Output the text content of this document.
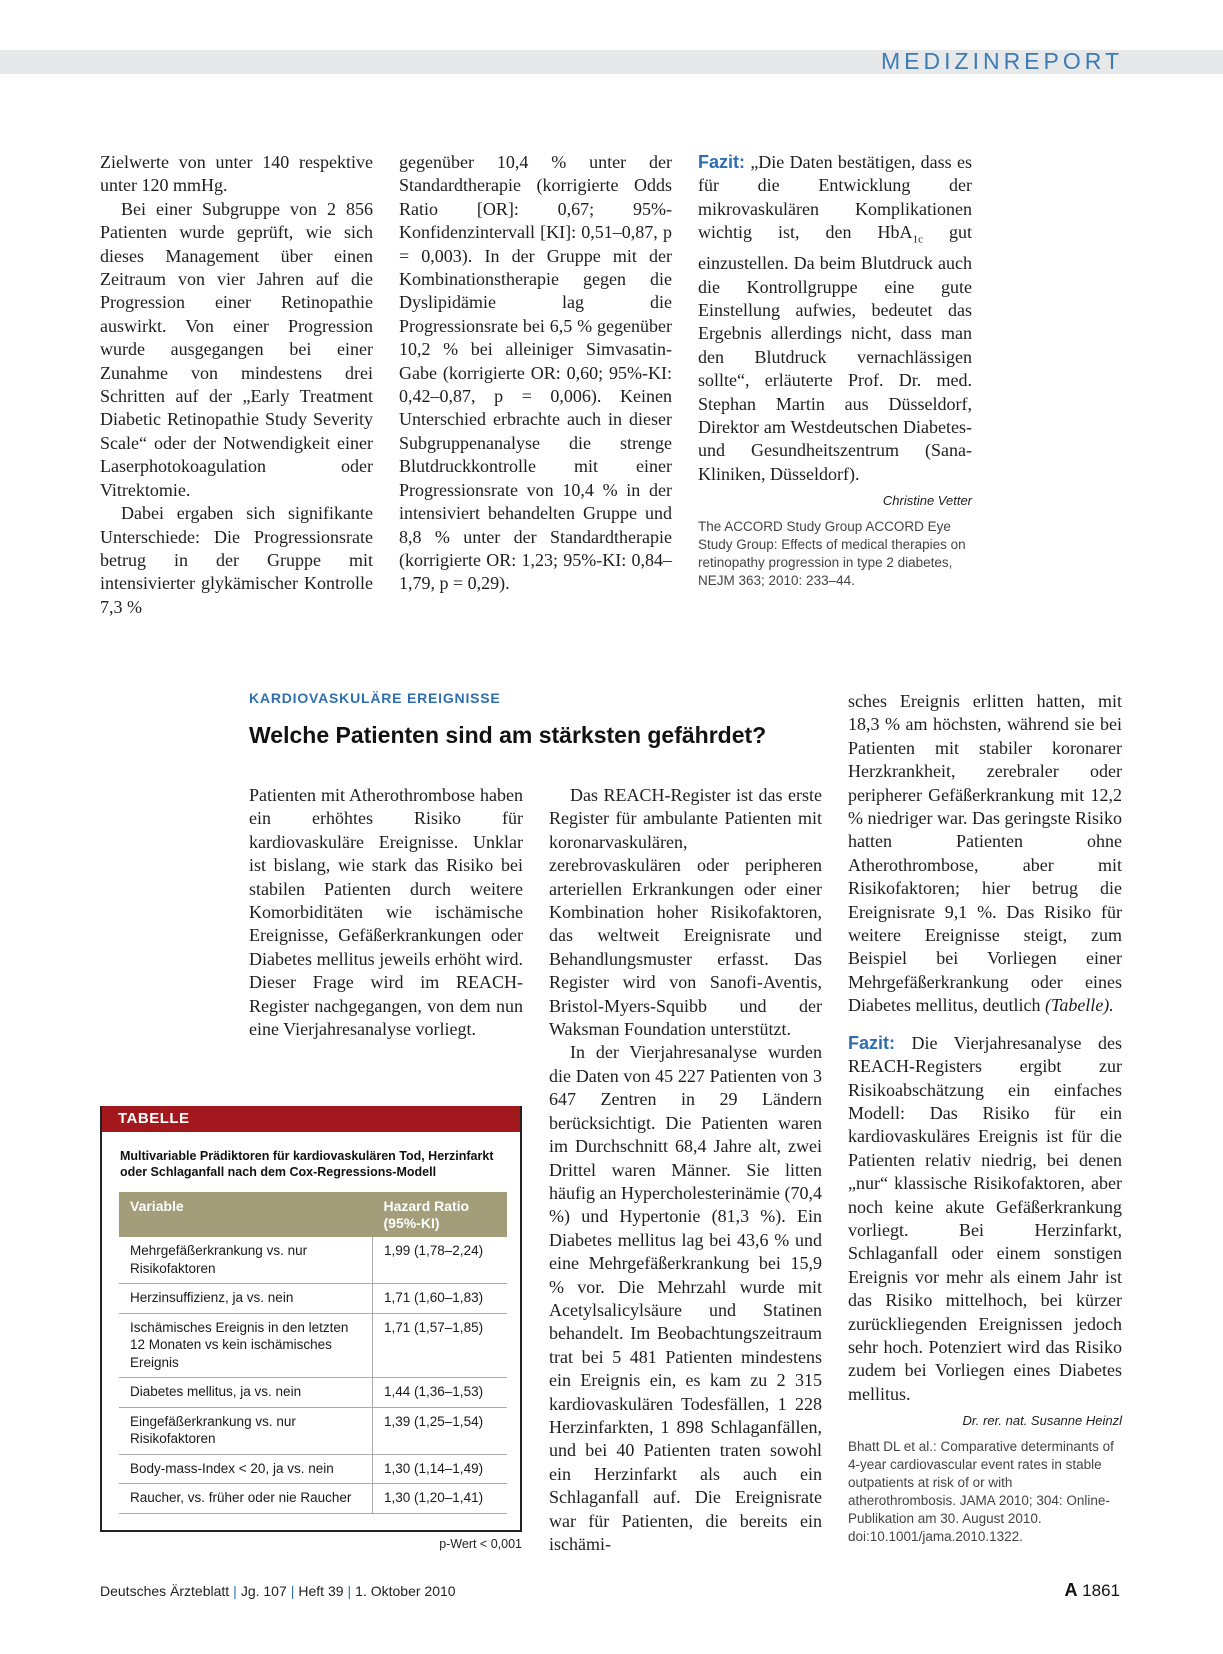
MEDIZINREPORT

Zielwerte von unter 140 respektive unter 120 mmHg.

Bei einer Subgruppe von 2 856 Patienten wurde geprüft, wie sich dieses Management über einen Zeitraum von vier Jahren auf die Progression einer Retinopathie auswirkt. Von einer Progression wurde ausgegangen bei einer Zunahme von mindestens drei Schritten auf der „Early Treatment Diabetic Retinopathie Study Severity Scale“ oder der Notwendigkeit einer Laserphotokoagulation oder Vitrektomie.

Dabei ergaben sich signifikante Unterschiede: Die Progressionsrate betrug in der Gruppe mit intensivierter glykämischer Kontrolle 7,3 %

gegenüber 10,4 % unter der Standardtherapie (korrigierte Odds Ratio [OR]: 0,67; 95%-Konfidenzintervall [KI]: 0,51–0,87, p = 0,003). In der Gruppe mit der Kombinationstherapie gegen die Dyslipidämie lag die Progressionsrate bei 6,5 % gegenüber 10,2 % bei alleiniger Simvasatin-Gabe (korrigierte OR: 0,60; 95%-KI: 0,42–0,87, p = 0,006). Keinen Unterschied erbrachte auch in dieser Subgruppenanalyse die strenge Blutdruckkontrolle mit einer Progressionsrate von 10,4 % in der intensiviert behandelten Gruppe und 8,8 % unter der Standardtherapie (korrigierte OR: 1,23; 95%-KI: 0,84–1,79, p = 0,29).

Fazit: „Die Daten bestätigen, dass es für die Entwicklung der mikrovaskulären Komplikationen wichtig ist, den HbA$_{1c}$ gut einzustellen. Da beim Blutdruck auch die Kontrollgruppe eine gute Einstellung aufwies, bedeutet das Ergebnis allerdings nicht, dass man den Blutdruck vernachlässigen sollte“, erläuterte Prof. Dr. med. Stephan Martin aus Düsseldorf, Direktor am Westdeutschen Diabetes- und Gesundheitszentrum (Sana-Kliniken, Düsseldorf).

Christine Vetter
The ACCORD Study Group ACCORD Eye Study Group: Effects of medical therapies on retinopathy progression in type 2 diabetes, NEJM 363; 2010: 233–44.
KARDIOVASKULÄRE EREIGNISSE
Welche Patienten sind am stärksten gefährdet?

Patienten mit Atherothrombose haben ein erhöhtes Risiko für kardiovaskuläre Ereignisse. Unklar ist bislang, wie stark das Risiko bei stabilen Patienten durch weitere Komorbiditäten wie ischämische Ereignisse, Gefäßerkrankungen oder Diabetes mellitus jeweils erhöht wird. Dieser Frage wird im REACH-Register nachgegangen, von dem nun eine Vierjahresanalyse vorliegt.

Das REACH-Register ist das erste Register für ambulante Patienten mit koronarvaskulären, zerebrovaskulären oder peripheren arteriellen Erkrankungen oder einer Kombination hoher Risikofaktoren, das weltweit Ereignisrate und Behandlungsmuster erfasst. Das Register wird von Sanofi-Aventis, Bristol-Myers-Squibb und der Waksman Foundation unterstützt.

In der Vierjahresanalyse wurden die Daten von 45 227 Patienten von 3 647 Zentren in 29 Ländern berücksichtigt. Die Patienten waren im Durchschnitt 68,4 Jahre alt, zwei Drittel waren Männer. Sie litten häufig an Hypercholesterinämie (70,4 %) und Hypertonie (81,3 %). Ein Diabetes mellitus lag bei 43,6 % und eine Mehrgefäßerkrankung bei 15,9 % vor. Die Mehrzahl wurde mit Acetylsalicylsäure und Statinen behandelt. Im Beobachtungszeitraum trat bei 5 481 Patienten mindestens ein Ereignis ein, es kam zu 2 315 kardiovaskulären Todesfällen, 1 228 Herzinfarkten, 1 898 Schlaganfällen, und bei 40 Patienten traten sowohl ein Herzinfarkt als auch ein Schlaganfall auf. Die Ereignisrate war für Patienten, die bereits ein ischämi-

sches Ereignis erlitten hatten, mit 18,3 % am höchsten, während sie bei Patienten mit stabiler koronarer Herzkrankheit, zerebraler oder peripherer Gefäßerkrankung mit 12,2 % niedriger war. Das geringste Risiko hatten Patienten ohne Atherothrombose, aber mit Risikofaktoren; hier betrug die Ereignisrate 9,1 %. Das Risiko für weitere Ereignisse steigt, zum Beispiel bei Vorliegen einer Mehrgefäßerkrankung oder eines Diabetes mellitus, deutlich (Tabelle).

Fazit: Die Vierjahresanalyse des REACH-Registers ergibt zur Risikoabschätzung ein einfaches Modell: Das Risiko für ein kardiovaskuläres Ereignis ist für die Patienten relativ niedrig, bei denen „nur“ klassische Risikofaktoren, aber noch keine akute Gefäßerkrankung vorliegt. Bei Herzinfarkt, Schlaganfall oder einem sonstigen Ereignis vor mehr als einem Jahr ist das Risiko mittelhoch, bei kürzer zurückliegenden Ereignissen jedoch sehr hoch. Potenziert wird das Risiko zudem bei Vorliegen eines Diabetes mellitus.

Dr. rer. nat. Susanne Heinzl
Bhatt DL et al.: Comparative determinants of 4-year cardiovascular event rates in stable outpatients at risk of or with atherothrombosis. JAMA 2010; 304: Online-Publikation am 30. August 2010. doi:10.1001/jama.2010.1322.
TABELLE
Multivariable Prädiktoren für kardiovaskulären Tod, Herzinfarkt oder Schlaganfall nach dem Cox-Regressions-Modell
Variable	Hazard Ratio (95%-KI)
Mehrgefäßerkrankung vs. nur Risikofaktoren	1,99 (1,78–2,24)
Herzinsuffizienz, ja vs. nein	1,71 (1,60–1,83)
Ischämisches Ereignis in den letzten 12 Monaten vs kein ischämisches Ereignis	1,71 (1,57–1,85)
Diabetes mellitus, ja vs. nein	1,44 (1,36–1,53)
Eingefäßerkrankung vs. nur Risikofaktoren	1,39 (1,25–1,54)
Body-mass-Index < 20, ja vs. nein	1,30 (1,14–1,49)
Raucher, vs. früher oder nie Raucher	1,30 (1,20–1,41)
p-Wert < 0,001
Deutsches Ärzteblatt | Jg. 107 | Heft 39 | 1. Oktober 2010	A 1861
